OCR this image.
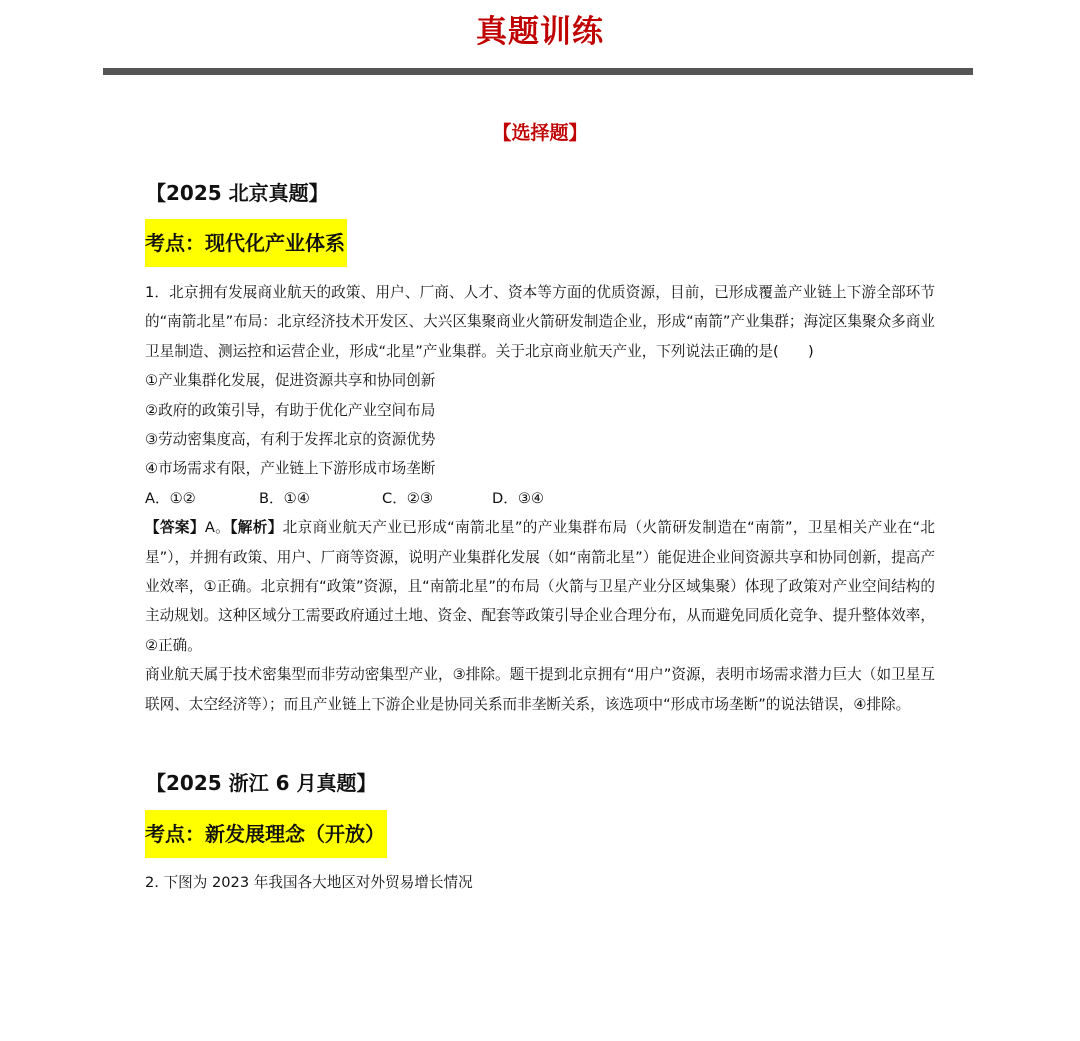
真题训练
【选择题】
【2025 北京真题】
考点：现代化产业体系

1．北京拥有发展商业航天的政策、用户、厂商、人才、资本等方面的优质资源，目前，已形成覆盖产业链上下游全部环节的“南箭北星”布局：北京经济技术开发区、大兴区集聚商业火箭研发制造企业，形成“南箭”产业集群；海淀区集聚众多商业卫星制造、测运控和运营企业，形成“北星”产业集群。关于北京商业航天产业，下列说法正确的是(　　)

①产业集群化发展，促进资源共享和协同创新

②政府的政策引导，有助于优化产业空间布局

③劳动密集度高，有利于发挥北京的资源优势

④市场需求有限，产业链上下游形成市场垄断

A．①②	B．①④	C．②③	D．③④

【答案】A。【解析】北京商业航天产业已形成“南箭北星”的产业集群布局（火箭研发制造在“南箭”，卫星相关产业在“北星”），并拥有政策、用户、厂商等资源，说明产业集群化发展（如“南箭北星”）能促进企业间资源共享和协同创新，提高产业效率，①正确。北京拥有“政策”资源，且“南箭北星”的布局（火箭与卫星产业分区域集聚）体现了政策对产业空间结构的主动规划。这种区域分工需要政府通过土地、资金、配套等政策引导企业合理分布，从而避免同质化竞争、提升整体效率，②正确。

商业航天属于技术密集型而非劳动密集型产业，③排除。题干提到北京拥有“用户”资源，表明市场需求潜力巨大（如卫星互联网、太空经济等）；而且产业链上下游企业是协同关系而非垄断关系，该选项中“形成市场垄断”的说法错误，④排除。

【2025 浙江 6 月真题】
考点：新发展理念（开放）
2. 下图为 2023 年我国各大地区对外贸易增长情况
